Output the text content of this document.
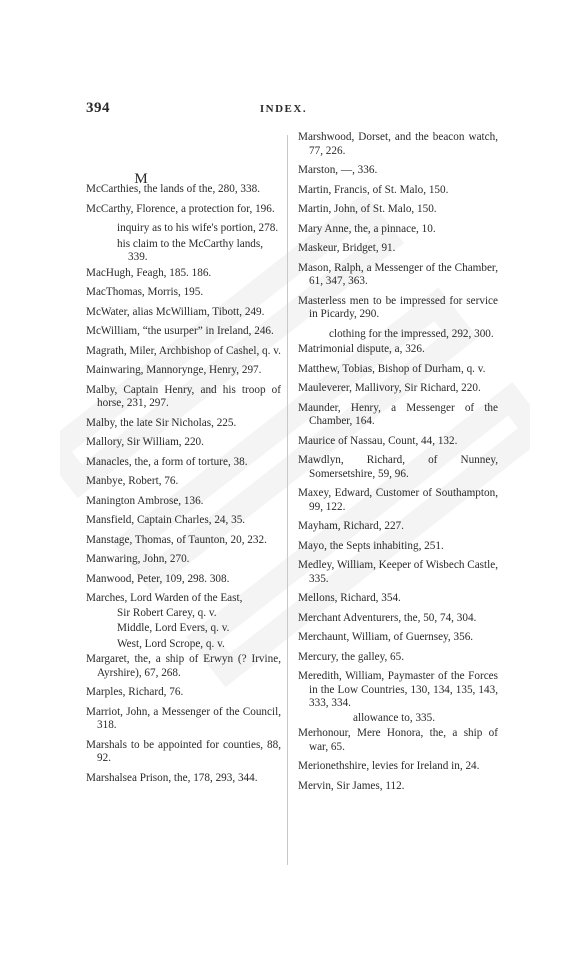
394	INDEX.
M

McCarthies, the lands of the, 280, 338.

McCarthy, Florence, a protection for, 196.

inquiry as to his wife's portion, 278.

his claim to the McCarthy lands, 339.

MacHugh, Feagh, 185. 186.

MacThomas, Morris, 195.

McWater, alias McWilliam, Tibott, 249.

McWilliam, “the usurper” in Ireland, 246.

Magrath, Miler, Archbishop of Cashel, q. v.

Mainwaring, Mannorynge, Henry, 297.

Malby, Captain Henry, and his troop of horse, 231, 297.

Malby, the late Sir Nicholas, 225.

Mallory, Sir William, 220.

Manacles, the, a form of torture, 38.

Manbye, Robert, 76.

Manington Ambrose, 136.

Mansfield, Captain Charles, 24, 35.

Manstage, Thomas, of Taunton, 20, 232.

Manwaring, John, 270.

Manwood, Peter, 109, 298. 308.

Marches, Lord Warden of the East,

Sir Robert Carey, q. v.

Middle, Lord Evers, q. v.

West, Lord Scrope, q. v.

Margaret, the, a ship of Erwyn (? Irvine, Ayrshire), 67, 268.

Marples, Richard, 76.

Marriot, John, a Messenger of the Council, 318.

Marshals to be appointed for counties, 88, 92.

Marshalsea Prison, the, 178, 293, 344.

Marshwood, Dorset, and the beacon watch, 77, 226.

Marston, —, 336.

Martin, Francis, of St. Malo, 150.

Martin, John, of St. Malo, 150.

Mary Anne, the, a pinnace, 10.

Maskeur, Bridget, 91.

Mason, Ralph, a Messenger of the Chamber, 61, 347, 363.

Masterless men to be impressed for service in Picardy, 290.

clothing for the impressed, 292, 300.

Matrimonial dispute, a, 326.

Matthew, Tobias, Bishop of Durham, q. v.

Mauleverer, Mallivory, Sir Richard, 220.

Maunder, Henry, a Messenger of the Chamber, 164.

Maurice of Nassau, Count, 44, 132.

Mawdlyn, Richard, of Nunney, Somersetshire, 59, 96.

Maxey, Edward, Customer of Southampton, 99, 122.

Mayham, Richard, 227.

Mayo, the Septs inhabiting, 251.

Medley, William, Keeper of Wisbech Castle, 335.

Mellons, Richard, 354.

Merchant Adventurers, the, 50, 74, 304.

Merchaunt, William, of Guernsey, 356.

Mercury, the galley, 65.

Meredith, William, Paymaster of the Forces in the Low Countries, 130, 134, 135, 143, 333, 334.

allowance to, 335.

Merhonour, Mere Honora, the, a ship of war, 65.

Merionethshire, levies for Ireland in, 24.

Mervin, Sir James, 112.
